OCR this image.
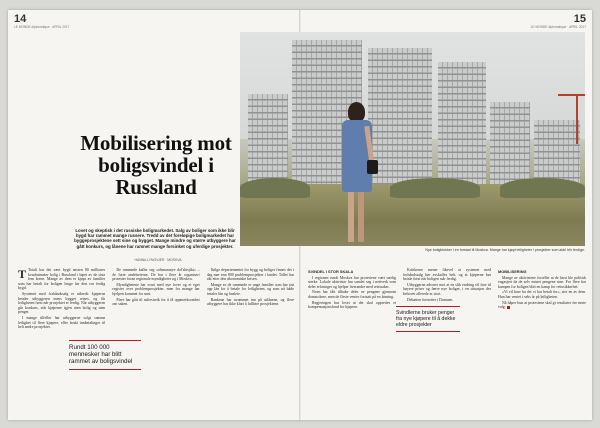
14
LE MONDE diplomatique · APRIL 2017
15
LE MONDE diplomatique · APRIL 2017
Nye boligblokker i en forstad til Moskva. Mange har kjøpt leiligheter i prosjekter som aldri blir ferdige.
Mobilisering mot boligsvindel i Russland
Lovet og skeptisk i det russiske boligmarkedet. Salg av boliger som ikke blir bygd har rammet mange russere. Tredd av det foreløpige boligmarkedet har byggeprosjektene sett sine og bygget. Mange mindre og større utbyggere har gått konkurs, og lånene har ramnet mange forsinket og uferdige prosjekter.
HANNA LYNGVÆR · MOSKVA

T Totalt har det vært bygd nesten 80 millioner kvadratmeter bolig i Russland i løpet av de siste fem årene. Mange av dem er kjøpt av familier som har betalt for boligen lenge før den var ferdig bygd.

Systemet med forhåndssalg er utbredt: kjøperne betaler utbyggeren mens bygget reises, og får leiligheten først når prosjektet er ferdig. Når utbyggeren går konkurs, står kjøperne igjen uten bolig og uten penger.

I mange tilfeller har utbyggerne solgt samme leilighet til flere kjøpere, eller brukt innbetalinger til helt andre prosjekter.

De rammede kaller seg «obmanutye dol'shtsjiki» – de lurte andelseierne. De har i flere år organisert protester foran regionale myndigheter og i Moskva.

Myndighetene har svart med nye lover og et eget register over problemprosjekter, men for mange har hjelpen kommet for sent.

Flere har gått til sultestreik for å få oppmerksomhet om saken.

Ifølge departementet for bygg og boliger finnes det i dag mer enn 800 problemprosjekter i landet. Tallet har økt etter den økonomiske krisen.

Mange av de rammede er unge familier som har tatt opp lån for å betale for leiligheten, og som nå både betaler lån og husleie.

Bankene har strammet inn på utlånene, og flere utbyggere har ikke klart å fullføre prosjektene.

Rundt 100 000 mennesker har blitt rammet av boligsvindel

SVINDEL I STOR SKALA

I regionen rundt Moskva har protestene vært særlig sterke. Lokale aktivister har samlet seg i nettverk som deler erfaringer og hjelper hverandre med rettssaker.

Noen har fått tilbake deler av pengene gjennom domstolene, men de fleste venter fortsatt på en løsning.

Regjeringen har lovet at det skal opprettes et kompensasjonsfond for kjøpere.

Kritikerne mener likevel at systemet med forhåndssalg bør avskaffes helt, og at kjøperne bør betale først når boligen står ferdig.

Utbyggerne advarer mot at en slik endring vil føre til høyere priser og færre nye boliger, i en situasjon der behovet allerede er stort.

Debatten fortsetter i Dumaen.

MOBILISERING

Mange av aktivistene forteller at de først ble politisk engasjert da de selv mistet pengene sine. For flere har kampen for boligen blitt en kamp for rettssikkerhet.

«Vi vil bare ha det vi har betalt for», sier en av dem. Hun har ventet i seks år på leiligheten.

Nå håper hun at protestene skal gi resultater før neste valg.

Svindlerne bruker penger fra nye kjøpere til å dekke eldre prosjekter
